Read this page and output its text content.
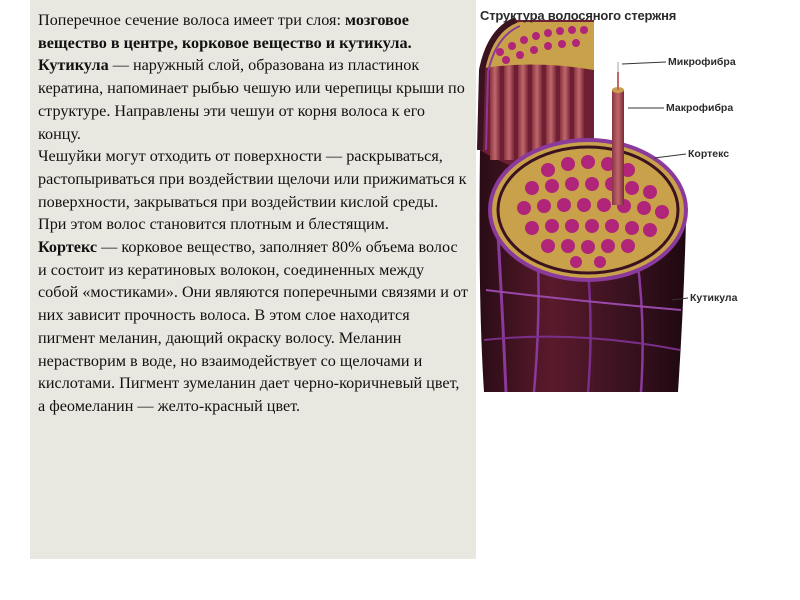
Поперечное сечение волоса имеет три слоя: мозговое вещество в центре, корковое вещество и кутикула.

Кутикула — наружный слой, образована из пластинок кератина, напоминает рыбью чешую или черепицы крыши по структуре. Направлены эти чешуи от корня волоса к его концу.

Чешуйки могут отходить от поверхности — раскрываться, растопыриваться при воздействии щелочи или прижиматься к поверхности, закрываться при воздействии кислой среды. При этом волос становится плотным и блестящим.

Кортекс — корковое вещество, заполняет 80% объема волос и состоит из кератиновых волокон, соединенных между собой «мостиками». Они являются поперечными связями и от них зависит прочность волоса. В этом слое находится пигмент меланин, дающий окраску волосу. Меланин нерастворим в воде, но взаимодействует со щелочами и кислотами. Пигмент зумеланин дает черно-коричневый цвет, а феомеланин — желто-красный цвет.

Структура волосяного стержня
Микрофибра
Макрофибра
Кортекс
Кутикула
